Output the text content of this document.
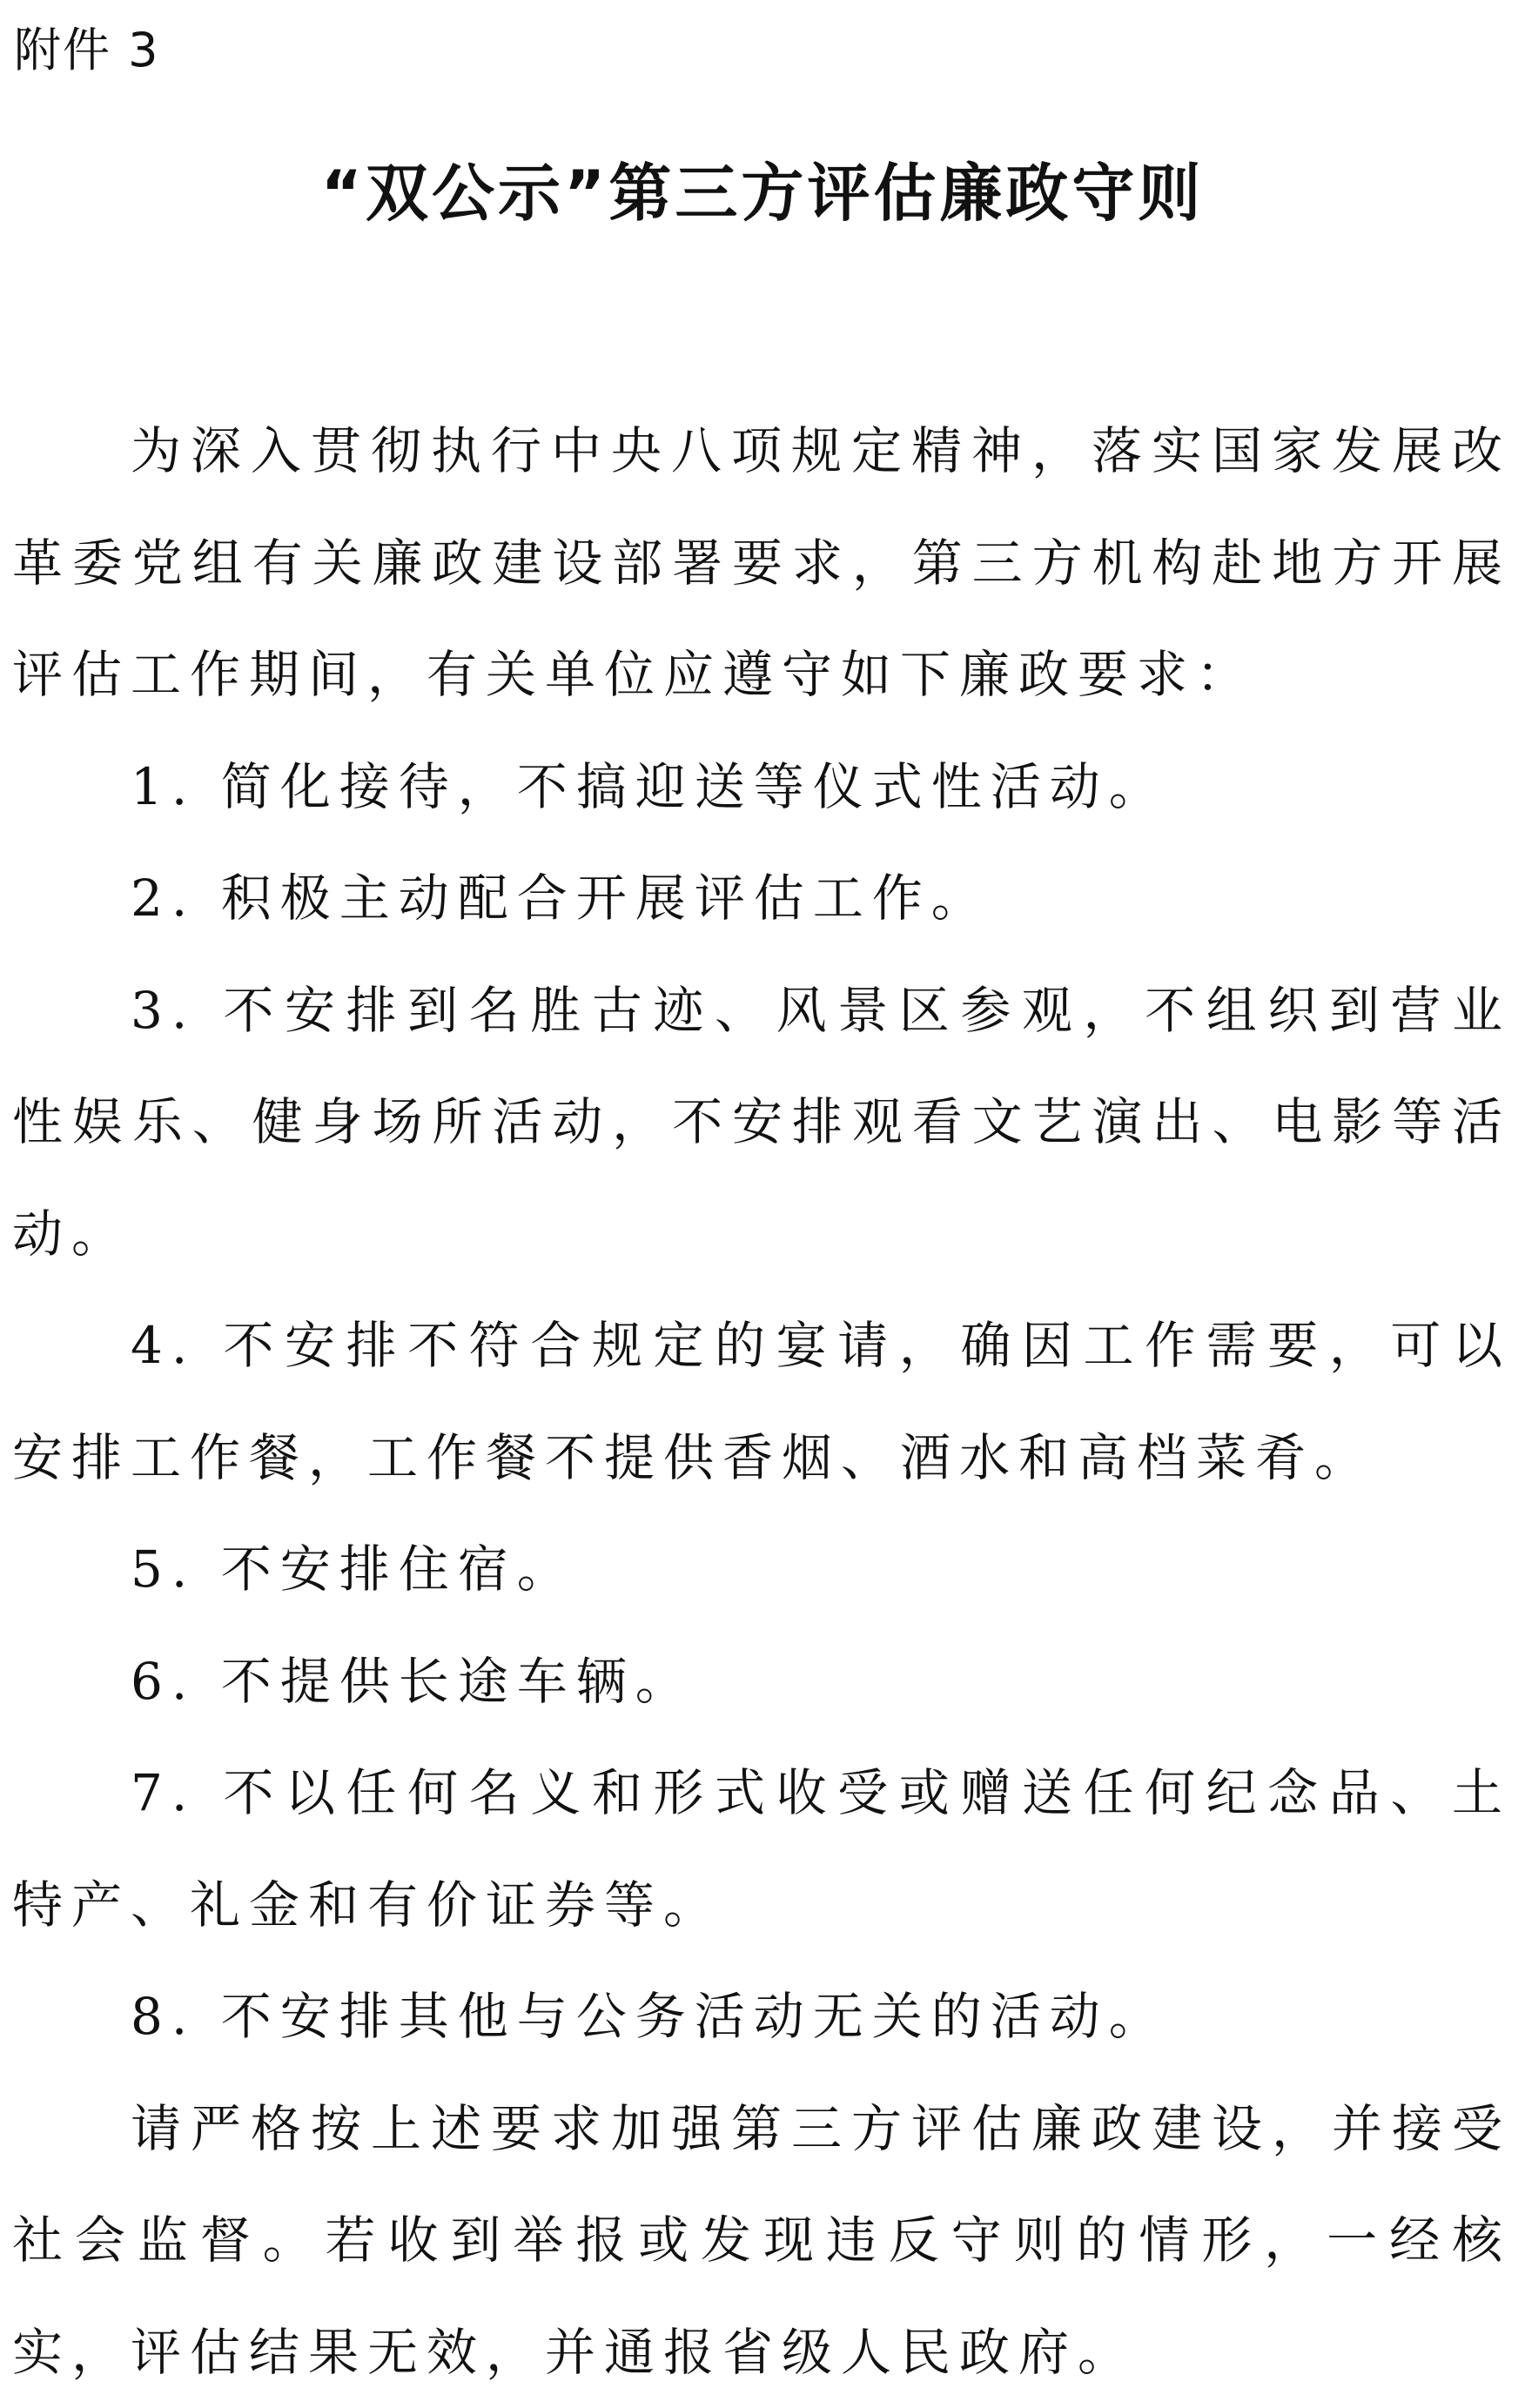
附件 3
“双公示”第三方评估廉政守则

为深入贯彻执行中央八项规定精神，落实国家发展改革委党组有关廉政建设部署要求，第三方机构赴地方开展评估工作期间，有关单位应遵守如下廉政要求：

1. 简化接待，不搞迎送等仪式性活动。

2. 积极主动配合开展评估工作。

3. 不安排到名胜古迹、风景区参观，不组织到营业性娱乐、健身场所活动，不安排观看文艺演出、电影等活动。

4. 不安排不符合规定的宴请，确因工作需要，可以安排工作餐，工作餐不提供香烟、酒水和高档菜肴。

5. 不安排住宿。

6. 不提供长途车辆。

7. 不以任何名义和形式收受或赠送任何纪念品、土特产、礼金和有价证券等。

8. 不安排其他与公务活动无关的活动。

请严格按上述要求加强第三方评估廉政建设，并接受社会监督。若收到举报或发现违反守则的情形，一经核实，评估结果无效，并通报省级人民政府。
